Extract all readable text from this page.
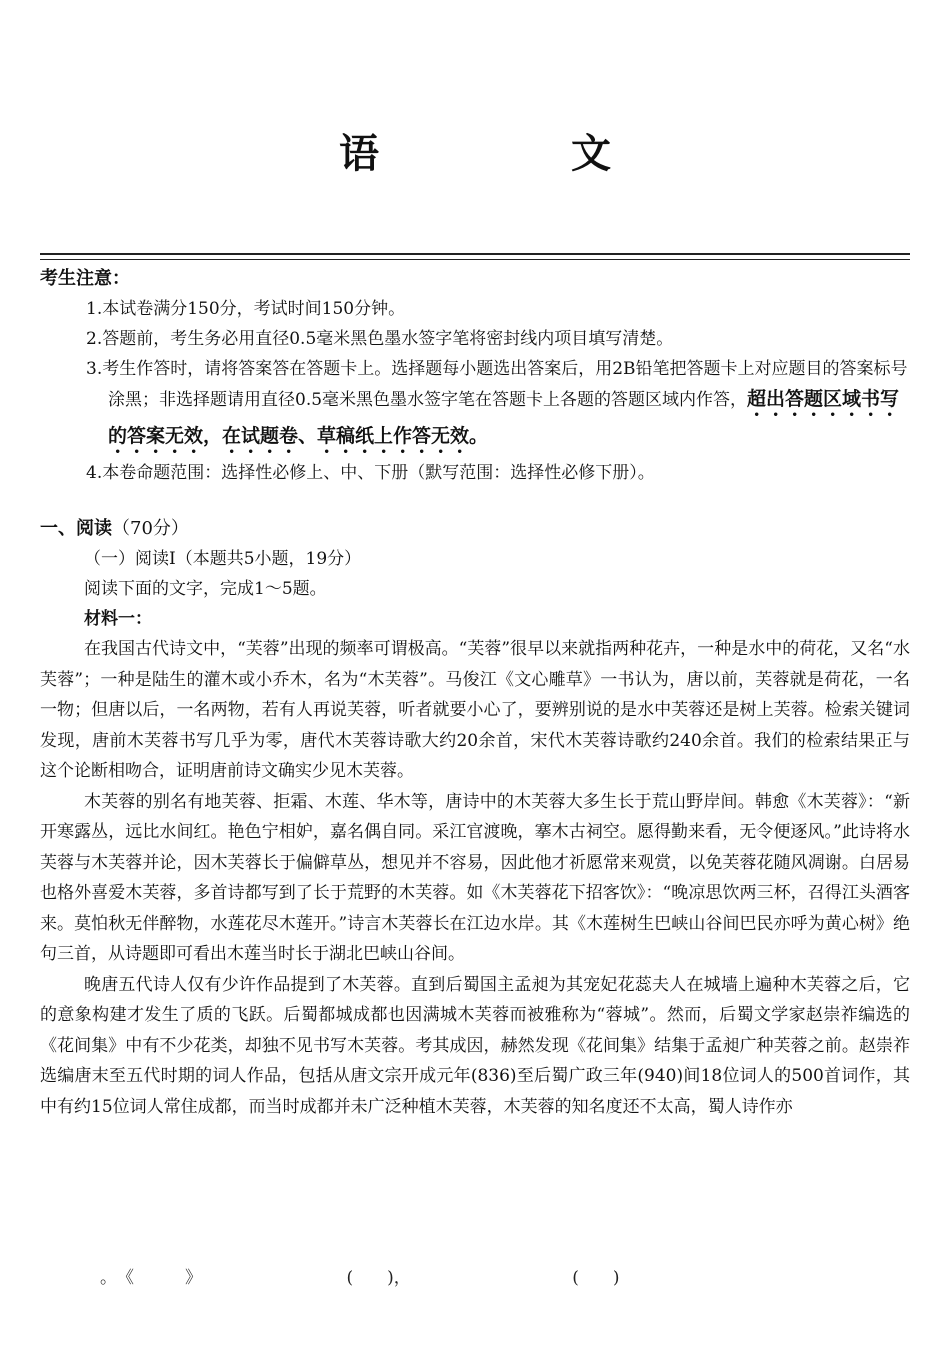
语　文
考生注意：
1.本试卷满分150分，考试时间150分钟。
2.答题前，考生务必用直径0.5毫米黑色墨水签字笔将密封线内项目填写清楚。
3.考生作答时，请将答案答在答题卡上。选择题每小题选出答案后，用2B铅笔把答题卡上对应题目的答案标号涂黑；非选择题请用直径0.5毫米黑色墨水签字笔在答题卡上各题的答题区域内作答，超出答题区域书写的答案无效，在试题卷、草稿纸上作答无效。
4.本卷命题范围：选择性必修上、中、下册（默写范围：选择性必修下册）。
一、阅读（70分）
（一）阅读Ⅰ（本题共5小题，19分）
阅读下面的文字，完成1～5题。
材料一：

在我国古代诗文中，“芙蓉”出现的频率可谓极高。“芙蓉”很早以来就指两种花卉，一种是水中的荷花，又名“水芙蓉”；一种是陆生的灌木或小乔木，名为“木芙蓉”。马俊江《文心雕草》一书认为，唐以前，芙蓉就是荷花，一名一物；但唐以后，一名两物，若有人再说芙蓉，听者就要小心了，要辨别说的是水中芙蓉还是树上芙蓉。检索关键词发现，唐前木芙蓉书写几乎为零，唐代木芙蓉诗歌大约20余首，宋代木芙蓉诗歌约240余首。我们的检索结果正与这个论断相吻合，证明唐前诗文确实少见木芙蓉。

木芙蓉的别名有地芙蓉、拒霜、木莲、华木等，唐诗中的木芙蓉大多生长于荒山野岸间。韩愈《木芙蓉》：“新开寒露丛，远比水间红。艳色宁相妒，嘉名偶自同。采江官渡晚，搴木古祠空。愿得勤来看，无令便逐风。”此诗将水芙蓉与木芙蓉并论，因木芙蓉长于偏僻草丛，想见并不容易，因此他才祈愿常来观赏，以免芙蓉花随风凋谢。白居易也格外喜爱木芙蓉，多首诗都写到了长于荒野的木芙蓉。如《木芙蓉花下招客饮》：“晚凉思饮两三杯，召得江头酒客来。莫怕秋无伴醉物，水莲花尽木莲开。”诗言木芙蓉长在江边水岸。其《木莲树生巴峡山谷间巴民亦呼为黄心树》绝句三首，从诗题即可看出木莲当时长于湖北巴峡山谷间。

晚唐五代诗人仅有少许作品提到了木芙蓉。直到后蜀国主孟昶为其宠妃花蕊夫人在城墙上遍种木芙蓉之后，它的意象构建才发生了质的飞跃。后蜀都城成都也因满城木芙蓉而被雅称为“蓉城”。然而，后蜀文学家赵崇祚编选的《花间集》中有不少花类，却独不见书写木芙蓉。考其成因，赫然发现《花间集》结集于孟昶广种芙蓉之前。赵崇祚选编唐末至五代时期的词人作品，包括从唐文宗开成元年(836)至后蜀广政三年(940)间18位词人的500首词作，其中有约15位词人常住成都，而当时成都并未广泛种植木芙蓉，木芙蓉的知名度还不太高，蜀人诗作亦

。　《　　　》　　　　　　　　　(　　)，　　　　　　　　　　(　　)
